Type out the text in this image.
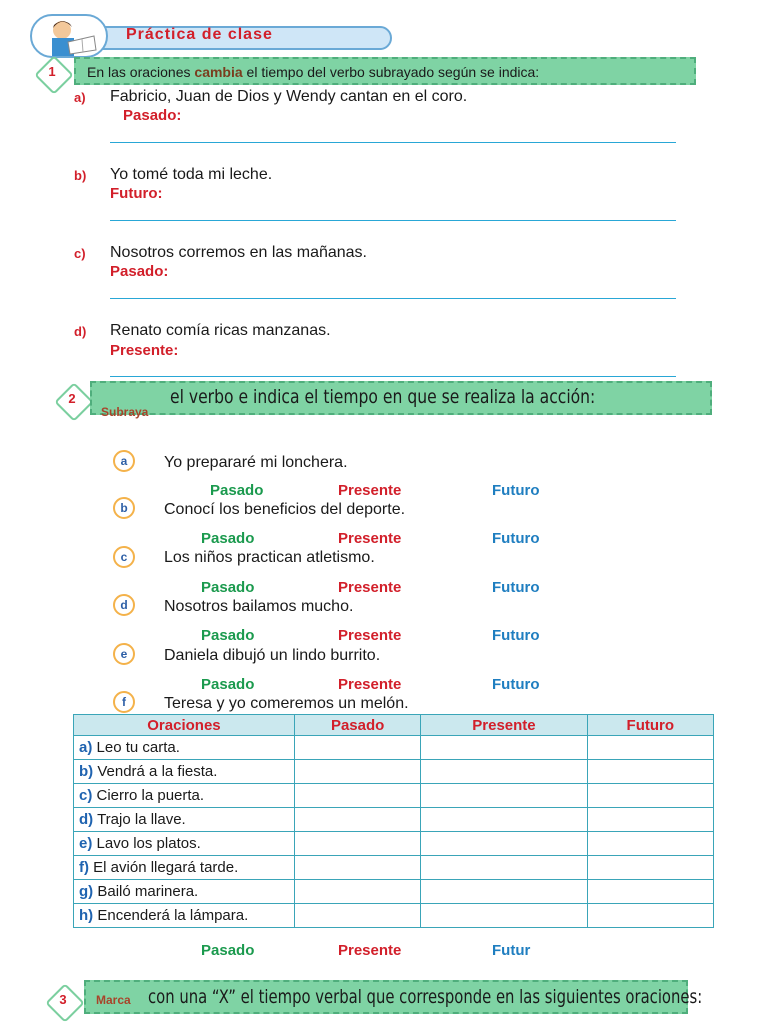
Práctica de clase
1	En las oraciones cambia el tiempo del verbo subrayado según se indica:
a) Fabricio, Juan de Dios y Wendy cantan en el coro.
Pasado:
b) Yo tomé toda mi leche.
Futuro:
c) Nosotros corremos en las mañanas.
Pasado:
d) Renato comía ricas manzanas.
Presente:
2	el verbo e indica el tiempo en que se realiza la acción:
Subraya
a	Yo prepararé mi lonchera.
Pasado	Presente	Futuro
b	Conocí los beneficios del deporte.
Pasado	Presente	Futuro
c	Los niños practican atletismo.
Pasado	Presente	Futuro
d	Nosotros bailamos mucho.
Pasado	Presente	Futuro
e	Daniela dibujó un lindo burrito.
Pasado	Presente	Futuro
f	Teresa y yo comeremos un melón.
Oraciones	Pasado	Presente	Futuro
a) Leo tu carta.			
b) Vendrá a la fiesta.			
c) Cierro la puerta.			
d) Trajo la llave.			
e) Lavo los platos.			
f) El avión llegará tarde.			
g) Bailó marinera.			
h) Encenderá la lámpara.			
Pasado	Presente	Futur
3	Marca con una “X” el tiempo verbal que corresponde en las siguientes oraciones:
